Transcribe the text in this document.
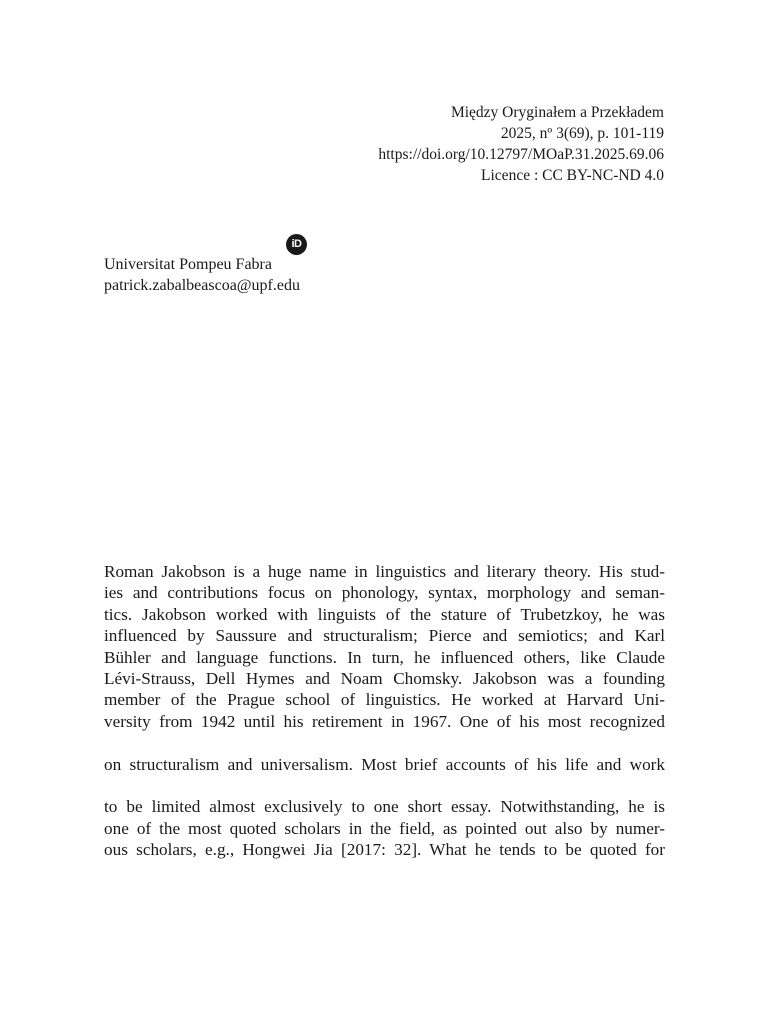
Między Oryginałem a Przekładem
2025, nº 3(69), p. 101-119
https://doi.org/10.12797/MOaP.31.2025.69.06
Licence : CC BY-NC-ND 4.0
iD
Universitat Pompeu Fabra
patrick.zabalbeascoa@upf.edu
Roman Jakobson is a huge name in linguistics and literary theory. His stud-
ies and contributions focus on phonology, syntax, morphology and seman-
tics. Jakobson worked with linguists of the stature of Trubetzkoy, he was
influenced by Saussure and structuralism; Pierce and semiotics; and Karl
Bühler and language functions. In turn, he influenced others, like Claude
Lévi-Strauss, Dell Hymes and Noam Chomsky. Jakobson was a founding
member of the Prague school of linguistics. He worked at Harvard Uni-
versity from 1942 until his retirement in 1967. One of his most recognized
on structuralism and universalism. Most brief accounts of his life and work
to be limited almost exclusively to one short essay. Notwithstanding, he is
one of the most quoted scholars in the field, as pointed out also by numer-
ous scholars, e.g., Hongwei Jia [2017: 32]. What he tends to be quoted for
